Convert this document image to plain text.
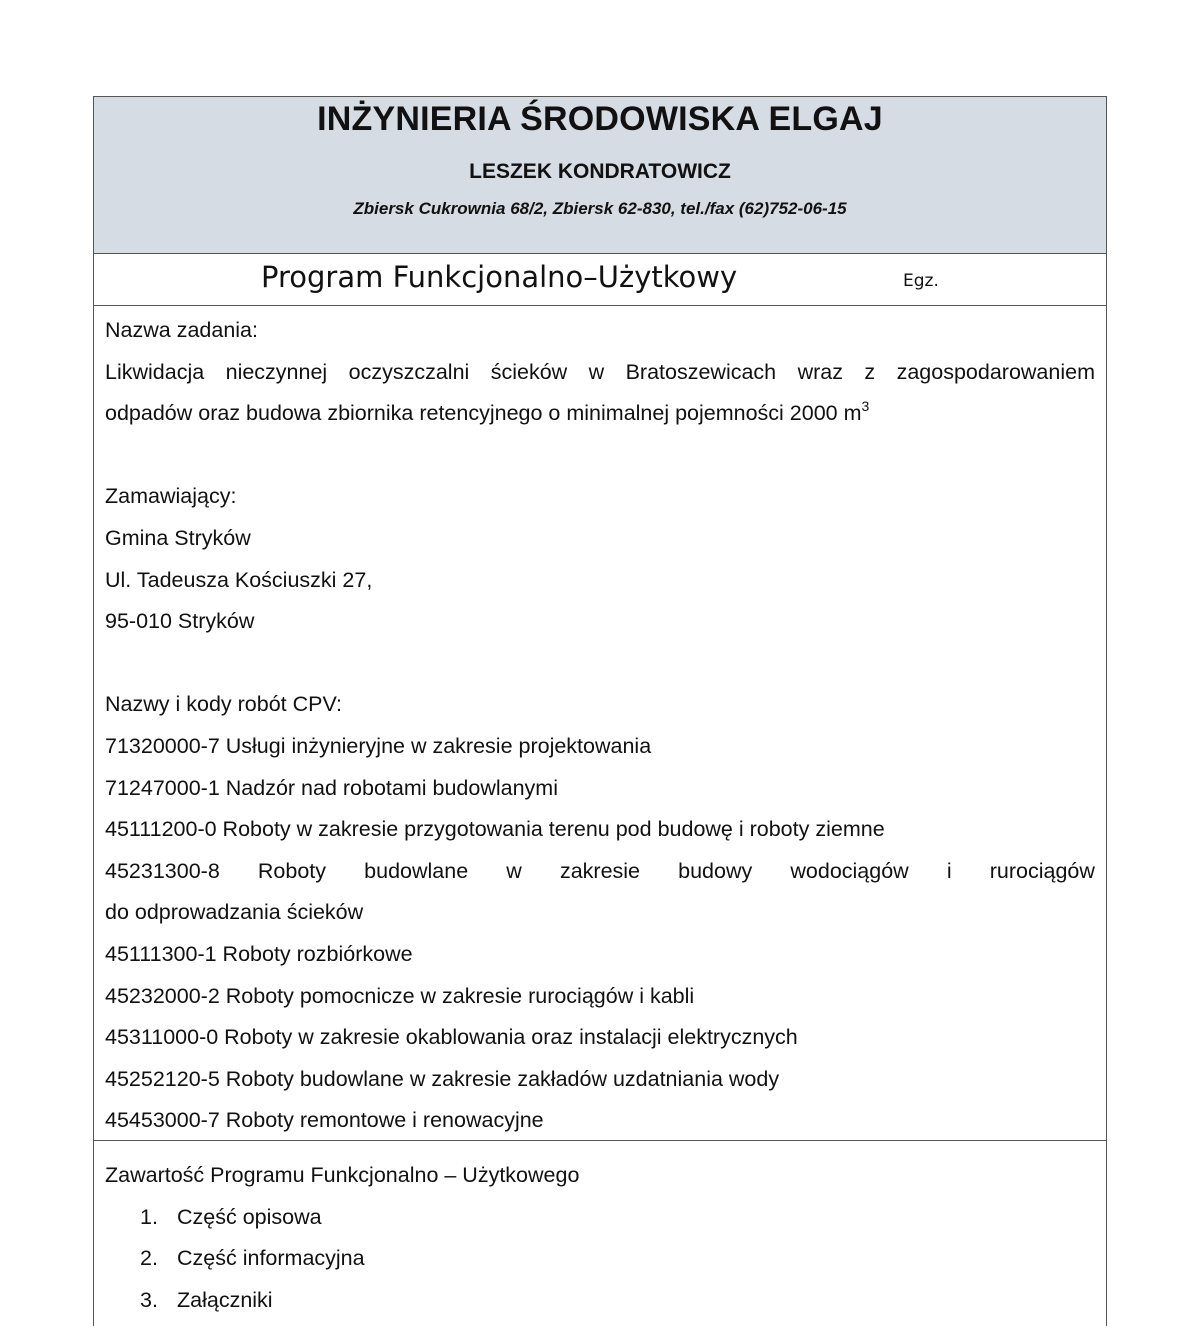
INŻYNIERIA ŚRODOWISKA ELGAJ
LESZEK KONDRATOWICZ
Zbiersk Cukrownia 68/2, Zbiersk 62-830, tel./fax (62)752-06-15
Program Funkcjonalno–Użytkowy	Egz.
Nazwa zadania:
Likwidacja nieczynnej oczyszczalni ścieków w Bratoszewicach wraz z zagospodarowaniem
odpadów oraz budowa zbiornika retencyjnego o minimalnej pojemności 2000 $m^3$
Zamawiający:
Gmina Stryków
Ul. Tadeusza Kościuszki 27,
95-010 Stryków
Nazwy i kody robót CPV:
71320000-7 Usługi inżynieryjne w zakresie projektowania
71247000-1 Nadzór nad robotami budowlanymi
45111200-0 Roboty w zakresie przygotowania terenu pod budowę i roboty ziemne
45231300-8 Roboty budowlane w zakresie budowy wodociągów i rurociągów
do odprowadzania ścieków
45111300-1 Roboty rozbiórkowe
45232000-2 Roboty pomocnicze w zakresie rurociągów i kabli
45311000-0 Roboty w zakresie okablowania oraz instalacji elektrycznych
45252120-5 Roboty budowlane w zakresie zakładów uzdatniania wody
45453000-7 Roboty remontowe i renowacyjne
Zawartość Programu Funkcjonalno – Użytkowego
1. Część opisowa
2. Część informacyjna
3. Załączniki
